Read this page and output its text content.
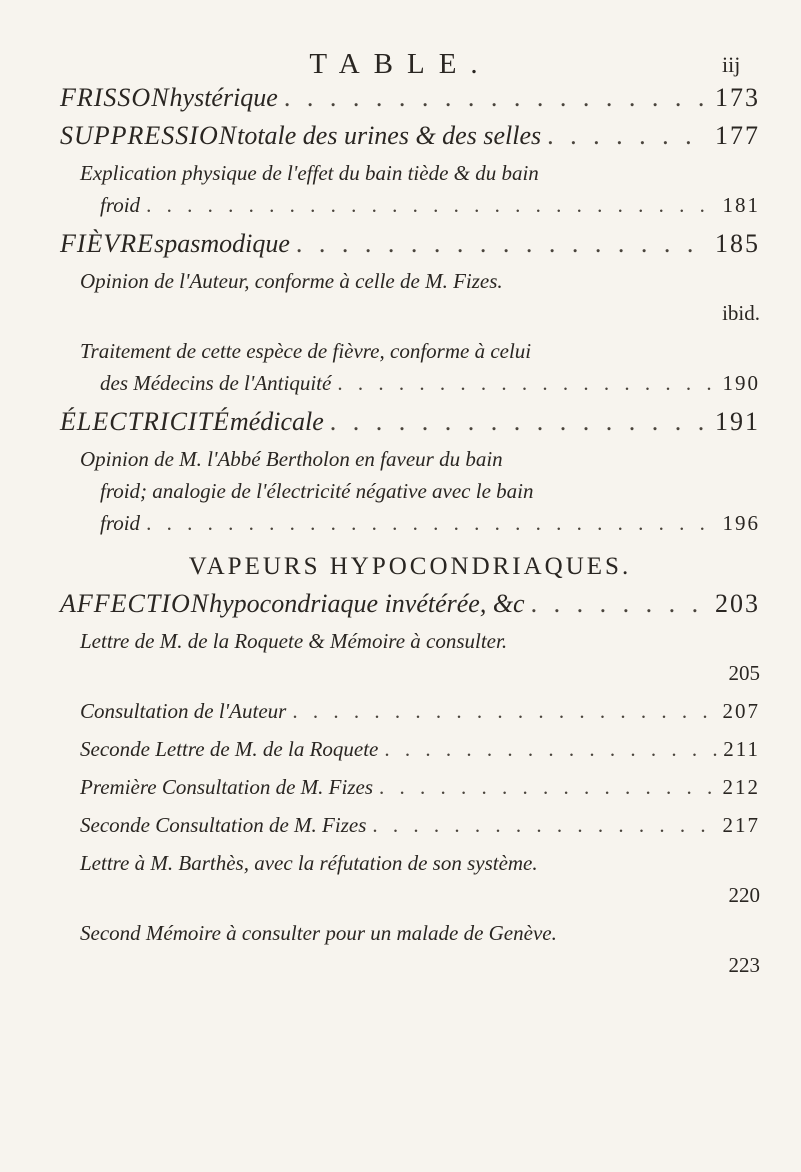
TABLE.	iij
FRISSON hystérique . . .	173
SUPPRESSION totale des urines & des selles . . .	177
Explication physique de l'effet du bain tiède & du bain
froid . . .	181
FIÈVRE spasmodique . . .	185
Opinion de l'Auteur, conforme à celle de M. Fizes.
ibid.
Traitement de cette espèce de fièvre, conforme à celui
des Médecins de l'Antiquité . . .	190
ÉLECTRICITÉ médicale . . .	191
Opinion de M. l'Abbé Bertholon en faveur du bain
froid; analogie de l'électricité négative avec le bain
froid . . .	196
VAPEURS HYPOCONDRIAQUES.
AFFECTION hypocondriaque invétérée, &c . . .	203
Lettre de M. de la Roquete & Mémoire à consulter.
205
Consultation de l'Auteur . . .	207
Seconde Lettre de M. de la Roquete . . .	211
Première Consultation de M. Fizes . . .	212
Seconde Consultation de M. Fizes . . .	217
Lettre à M. Barthès, avec la réfutation de son système.
220
Second Mémoire à consulter pour un malade de Genève.
223
